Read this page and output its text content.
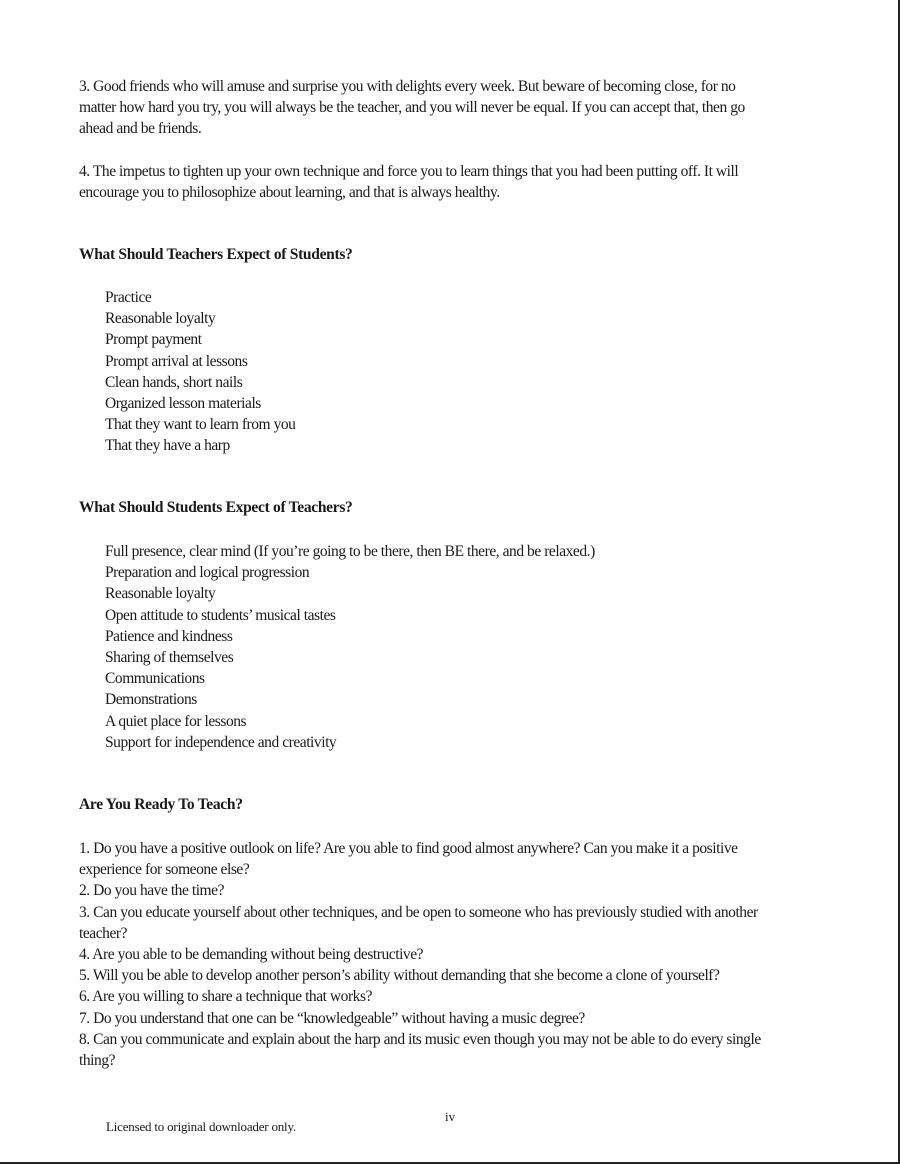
3. Good friends who will amuse and surprise you with delights every week. But beware of becoming close, for no matter how hard you try, you will always be the teacher, and you will never be equal. If you can accept that, then go ahead and be friends.

4. The impetus to tighten up your own technique and force you to learn things that you had been putting off. It will encourage you to philosophize about learning, and that is always healthy.

What Should Teachers Expect of Students?
Practice
Reasonable loyalty
Prompt payment
Prompt arrival at lessons
Clean hands, short nails
Organized lesson materials
That they want to learn from you
That they have a harp
What Should Students Expect of Teachers?
Full presence, clear mind (If you’re going to be there, then BE there, and be relaxed.)
Preparation and logical progression
Reasonable loyalty
Open attitude to students’ musical tastes
Patience and kindness
Sharing of themselves
Communications
Demonstrations
A quiet place for lessons
Support for independence and creativity
Are You Ready To Teach?
1. Do you have a positive outlook on life? Are you able to find good almost anywhere? Can you make it a positive experience for someone else?
2. Do you have the time?
3. Can you educate yourself about other techniques, and be open to someone who has previously studied with another teacher?
4. Are you able to be demanding without being destructive?
5. Will you be able to develop another person’s ability without demanding that she become a clone of yourself?
6. Are you willing to share a technique that works?
7. Do you understand that one can be “knowledgeable” without having a music degree?
8. Can you communicate and explain about the harp and its music even though you may not be able to do every single thing?
iv
Licensed to original downloader only.
